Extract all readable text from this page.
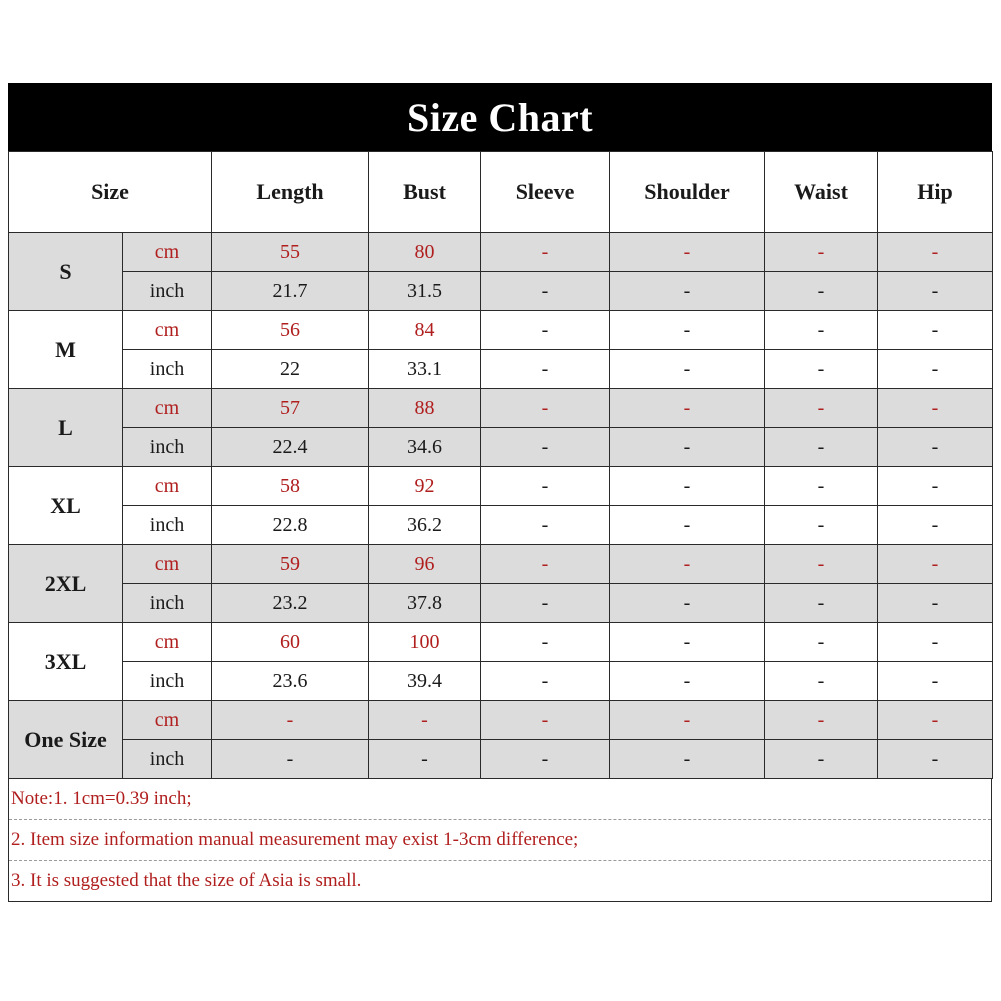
Size Chart
Size		Length	Bust	Sleeve	Shoulder	Waist	Hip
S	cm	55	80	-	-	-	-
	inch	21.7	31.5	-	-	-	-
M	cm	56	84	-	-	-	-
	inch	22	33.1	-	-	-	-
L	cm	57	88	-	-	-	-
	inch	22.4	34.6	-	-	-	-
XL	cm	58	92	-	-	-	-
	inch	22.8	36.2	-	-	-	-
2XL	cm	59	96	-	-	-	-
	inch	23.2	37.8	-	-	-	-
3XL	cm	60	100	-	-	-	-
	inch	23.6	39.4	-	-	-	-
One Size	cm	-	-	-	-	-	-
	inch	-	-	-	-	-	-
Note:1. 1cm=0.39 inch;
2. Item size information manual measurement may exist 1-3cm difference;
3. It is suggested that the size of Asia is small.
